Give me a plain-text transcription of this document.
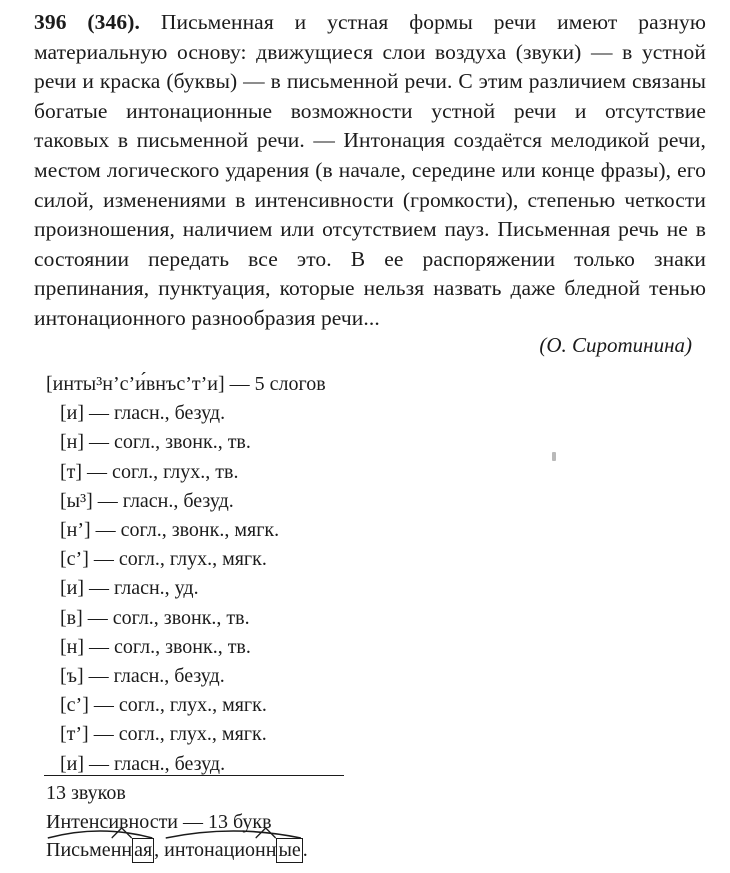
396 (346). Письменная и устная формы речи имеют разную материальную основу: движущиеся слои воздуха (звуки) — в устной речи и краска (буквы) — в письменной речи. С этим различием связаны богатые интонационные возможности устной речи и отсутствие таковых в письменной речи. — Интонация создаётся мелодикой речи, местом логического ударения (в начале, середине или конце фразы), его силой, изменениями в интенсивности (громкости), степенью четкости произношения, наличием или отсутствием пауз. Письменная речь не в состоянии передать все это. В ее распоряжении только знаки препинания, пунктуация, которые нельзя назвать даже бледной тенью интонационного разнообразия речи...
(О. Сиротинина)
[инты³н’с’и́внъс’т’и] — 5 слогов
[и] — гласн., безуд.
[н] — согл., звонк., тв.
[т] — согл., глух., тв.
[ы³] — гласн., безуд.
[н’] — согл., звонк., мягк.
[с’] — согл., глух., мягк.
[и] — гласн., уд.
[в] — согл., звонк., тв.
[н] — согл., звонк., тв.
[ъ] — гласн., безуд.
[с’] — согл., глух., мягк.
[т’] — согл., глух., мягк.
[и] — гласн., безуд.
13 звуков
Интенсивности — 13 букв
Письме
нн ая ,
интонацио
нн ые .
